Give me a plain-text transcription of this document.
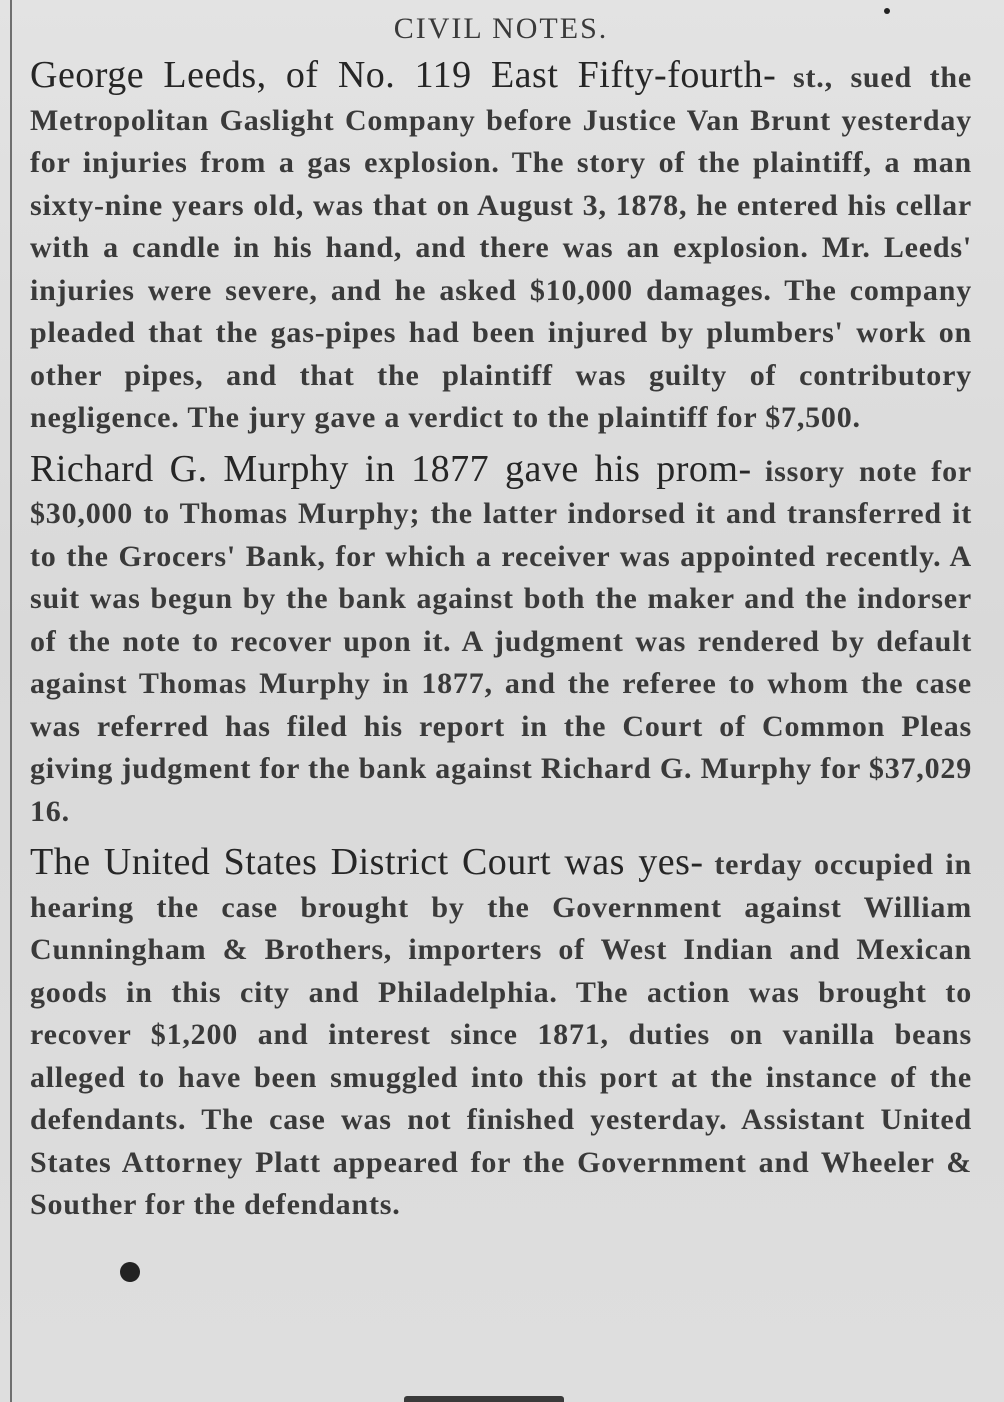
CIVIL NOTES.

George Leeds, of No. 119 East Fifty-fourth- st., sued the Metropolitan Gaslight Company before Justice Van Brunt yesterday for injuries from a gas explosion. The story of the plaintiff, a man sixty-nine years old, was that on August 3, 1878, he entered his cellar with a candle in his hand, and there was an explosion. Mr. Leeds' injuries were severe, and he asked $10,000 damages. The company pleaded that the gas-pipes had been injured by plumbers' work on other pipes, and that the plaintiff was guilty of contributory negligence. The jury gave a verdict to the plaintiff for $7,500.

Richard G. Murphy in 1877 gave his prom- issory note for $30,000 to Thomas Murphy; the latter indorsed it and transferred it to the Grocers' Bank, for which a receiver was appointed recently. A suit was begun by the bank against both the maker and the indorser of the note to recover upon it. A judgment was rendered by default against Thomas Murphy in 1877, and the referee to whom the case was referred has filed his report in the Court of Common Pleas giving judgment for the bank against Richard G. Murphy for $37,029 16.

The United States District Court was yes- terday occupied in hearing the case brought by the Government against William Cunningham & Brothers, importers of West Indian and Mexican goods in this city and Philadelphia. The action was brought to recover $1,200 and interest since 1871, duties on vanilla beans alleged to have been smuggled into this port at the instance of the defendants. The case was not finished yesterday. Assistant United States Attorney Platt appeared for the Government and Wheeler & Souther for the defendants.
